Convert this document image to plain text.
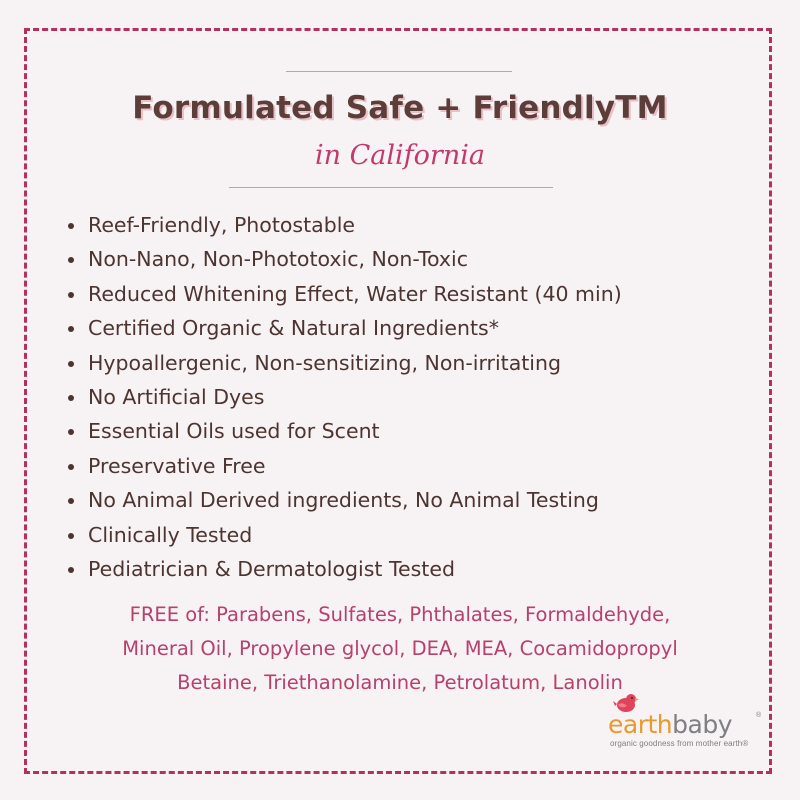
Formulated Safe + FriendlyTM
in California
Reef-Friendly, Photostable
Non-Nano, Non-Phototoxic, Non-Toxic
Reduced Whitening Effect, Water Resistant (40 min)
Certified Organic & Natural Ingredients*
Hypoallergenic, Non-sensitizing, Non-irritating
No Artificial Dyes
Essential Oils used for Scent
Preservative Free
No Animal Derived ingredients, No Animal Testing
Clinically Tested
Pediatrician & Dermatologist Tested
FREE of: Parabens, Sulfates, Phthalates, Formaldehyde,
Mineral Oil, Propylene glycol, DEA, MEA, Cocamidopropyl
Betaine, Triethanolamine, Petrolatum, Lanolin
earthbaby	®
organic goodness from mother earth®
